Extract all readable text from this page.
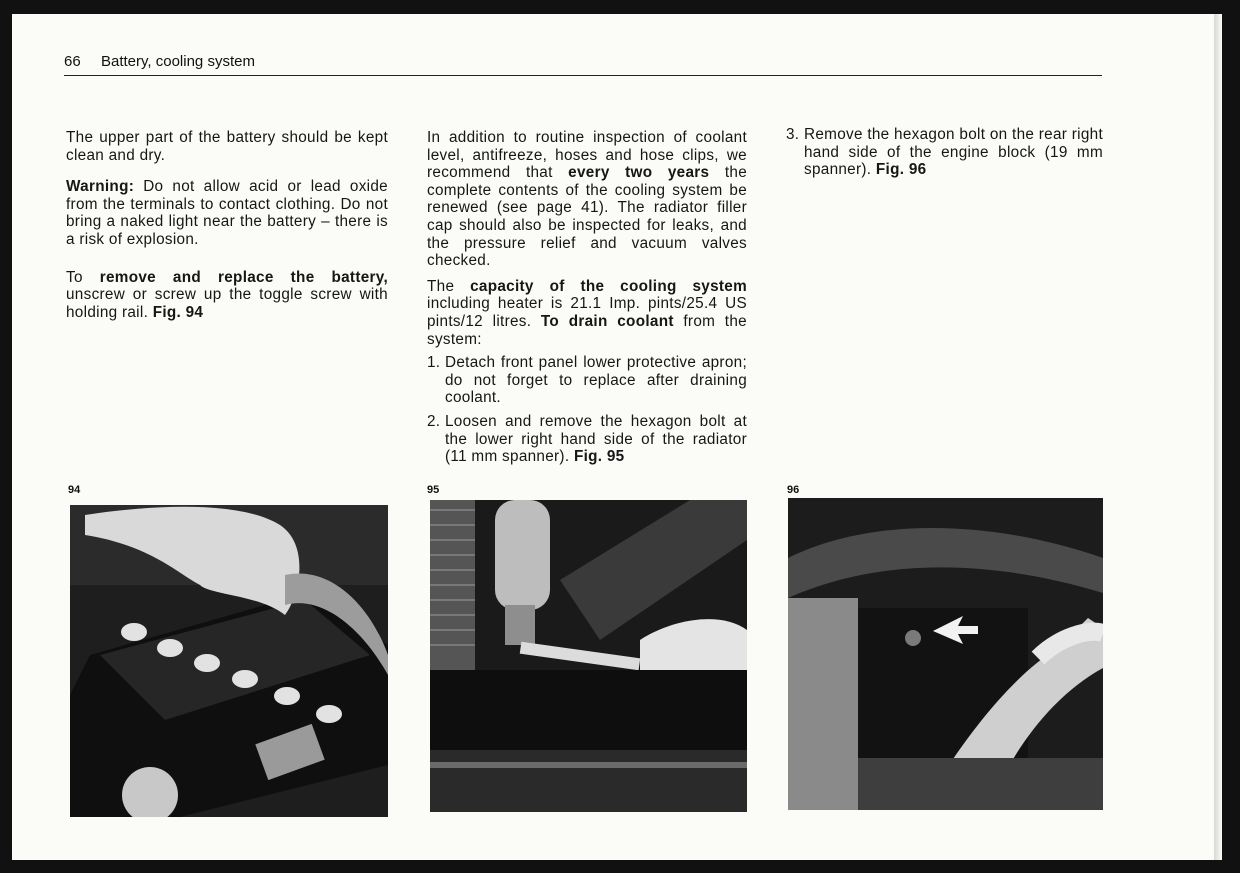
66 Battery, cooling system

The upper part of the battery should be kept clean and dry.

Warning: Do not allow acid or lead oxide from the terminals to contact clothing. Do not bring a naked light near the battery – there is a risk of explosion.

To remove and replace the battery, unscrew or screw up the toggle screw with holding rail. Fig. 94

In addition to routine inspection of coolant level, antifreeze, hoses and hose clips, we recommend that every two years the complete contents of the cooling system be renewed (see page 41). The radiator filler cap should also be inspected for leaks, and the pressure relief and vacuum valves checked.

The capacity of the cooling system including heater is 21.1 Imp. pints/25.4 US pints/12 litres. To drain coolant from the system:

1. Detach front panel lower protective apron; do not forget to replace after draining coolant.
2. Loosen and remove the hexagon bolt at the lower right hand side of the radiator (11 mm spanner). Fig. 95
3. Remove the hexagon bolt on the rear right hand side of the engine block (19 mm spanner). Fig. 96
94	95	96
